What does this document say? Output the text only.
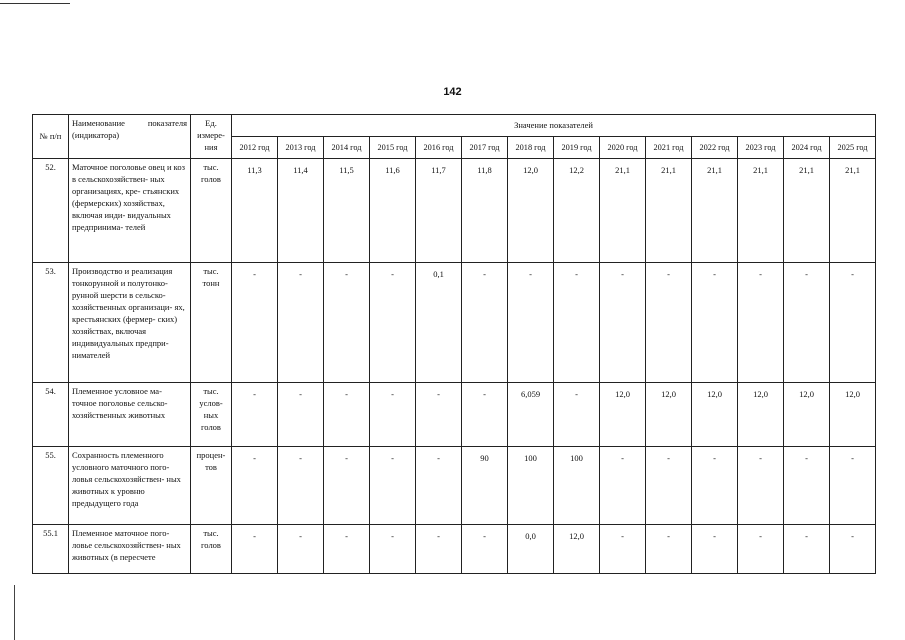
142
№ п/п	Наименование показателя (индикатора)	Ед. измере- ния	Значение показателей													
			2012 год	2013 год	2014 год	2015 год	2016 год	2017 год	2018 год	2019 год	2020 год	2021 год	2022 год	2023 год	2024 год	2025 год
52.	Маточное поголовье овец и коз в сельскохозяйствен- ных организациях, кре- стьянских (фермерских) хозяйствах, включая инди- видуальных предпринима- телей	тыс. голов	11,3	11,4	11,5	11,6	11,7	11,8	12,0	12,2	21,1	21,1	21,1	21,1	21,1	21,1
53.	Производство и реализация тонкорунной и полутонко- рунной шерсти в сельско- хозяйственных организаци- ях, крестьянских (фермер- ских) хозяйствах, включая индивидуальных предпри- нимателей	тыс. тонн	-	-	-	-	0,1	-	-	-	-	-	-	-	-	-
54.	Племенное условное ма- точное поголовье сельско- хозяйственных животных	тыс. услов- ных голов	-	-	-	-	-	-	6,059	-	12,0	12,0	12,0	12,0	12,0	12,0
55.	Сохранность племенного условного маточного пого- ловья сельскохозяйствен- ных животных к уровню предыдущего года	процен- тов	-	-	-	-	-	90	100	100	-	-	-	-	-	-
55.1	Племенное маточное пого- ловье сельскохозяйствен- ных животных (в пересчете	тыс. голов	-	-	-	-	-	-	0,0	12,0	-	-	-	-	-	-
